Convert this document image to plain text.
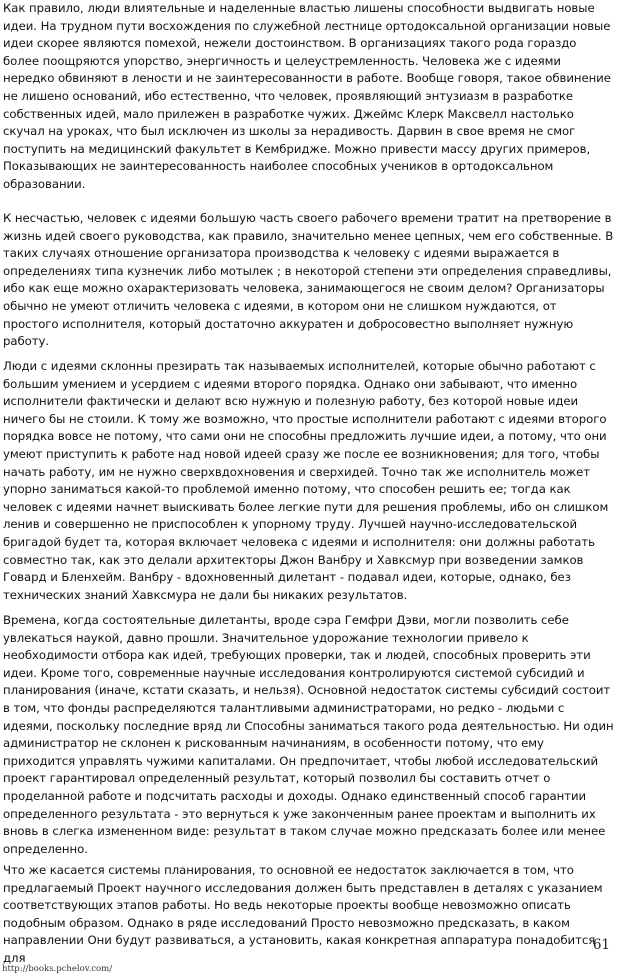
Как правило, люди влиятельные и наделенные властью лишены способности выдвигать новые идеи. На трудном пути восхождения по служебной лестнице ортодоксальной организации новые идеи скорее являются помехой, нежели достоинством. В организациях такого рода гораздо более поощряются упорство, энергичность и целеустремленность. Человека же с идеями нередко обвиняют в лености и не заинтересованности в работе. Вообще говоря, такое обвинение не лишено оснований, ибо естественно, что человек, проявляющий энтузиазм в разработке собственных идей, мало прилежен в разработке чужих. Джеймс Клерк Максвелл настолько скучал на уроках, что был исключен из школы за нерадивость. Дарвин в свое время не смог поступить на медицинский факультет в Кембридже. Можно привести массу других примеров, Показывающих не заинтересованность наиболее способных учеников в ортодоксальном образовании.

К несчастью, человек с идеями большую часть своего рабочего времени тратит на претворение в жизнь идей своего руководства, как правило, значительно менее цепных, чем его собственные. В таких случаях отношение организатора производства к человеку с идеями выражается в определениях типа кузнечик либо мотылек ; в некоторой степени эти определения справедливы, ибо как еще можно охарактеризовать человека, занимающегося не своим делом? Организаторы обычно не умеют отличить человека с идеями, в котором они не слишком нуждаются, от простого исполнителя, который достаточно аккуратен и добросовестно выполняет нужную работу.

Люди с идеями склонны презирать так называемых исполнителей, которые обычно работают с большим умением и усердием с идеями второго порядка. Однако они забывают, что именно исполнители фактически и делают всю нужную и полезную работу, без которой новые идеи ничего бы не стоили. К тому же возможно, что простые исполнители работают с идеями второго порядка вовсе не потому, что сами они не способны предложить лучшие идеи, а потому, что они умеют приступить к работе над новой идеей сразу же после ее возникновения; для того, чтобы начать работу, им не нужно сверхвдохновения и сверхидей. Точно так же исполнитель может упорно заниматься какой-то проблемой именно потому, что способен решить ее; тогда как человек с идеями начнет выискивать более легкие пути для решения проблемы, ибо он слишком ленив и совершенно не приспособлен к упорному труду. Лучшей научно-исследовательской бригадой будет та, которая включает человека с идеями и исполнителя: они должны работать совместно так, как это делали архитекторы Джон Ванбру и Хавксмур при возведении замков Говард и Бленхейм. Ванбру - вдохновенный дилетант - подавал идеи, которые, однако, без технических знаний Хавксмура не дали бы никаких результатов.

Времена, когда состоятельные дилетанты, вроде сэра Гемфри Дэви, могли позволить себе увлекаться наукой, давно прошли. Значительное удорожание технологии привело к необходимости отбора как идей, требующих проверки, так и людей, способных проверить эти идеи. Кроме того, современные научные исследования контролируются системой субсидий и планирования (иначе, кстати сказать, и нельзя). Основной недостаток системы субсидий состоит в том, что фонды распределяются талантливыми администраторами, но редко - людьми с идеями, поскольку последние вряд ли Способны заниматься такого рода деятельностью. Ни один администратор не склонен к рискованным начинаниям, в особенности потому, что ему приходится управлять чужими капиталами. Он предпочитает, чтобы любой исследовательский проект гарантировал определенный результат, который позволил бы составить отчет о проделанной работе и подсчитать расходы и доходы. Однако единственный способ гарантии определенного результата - это вернуться к уже законченным ранее проектам и выполнить их вновь в слегка измененном виде: результат в таком случае можно предсказать более или менее определенно.

Что же касается системы планирования, то основной ее недостаток заключается в том, что предлагаемый Проект научного исследования должен быть представлен в деталях с указанием соответствующих этапов работы. Но ведь некоторые проекты вообще невозможно описать подобным образом. Однако в ряде исследований Просто невозможно предсказать, в каком направлении Они будут развиваться, а установить, какая конкретная аппаратура понадобится для

61
http://books.pchelov.com/
